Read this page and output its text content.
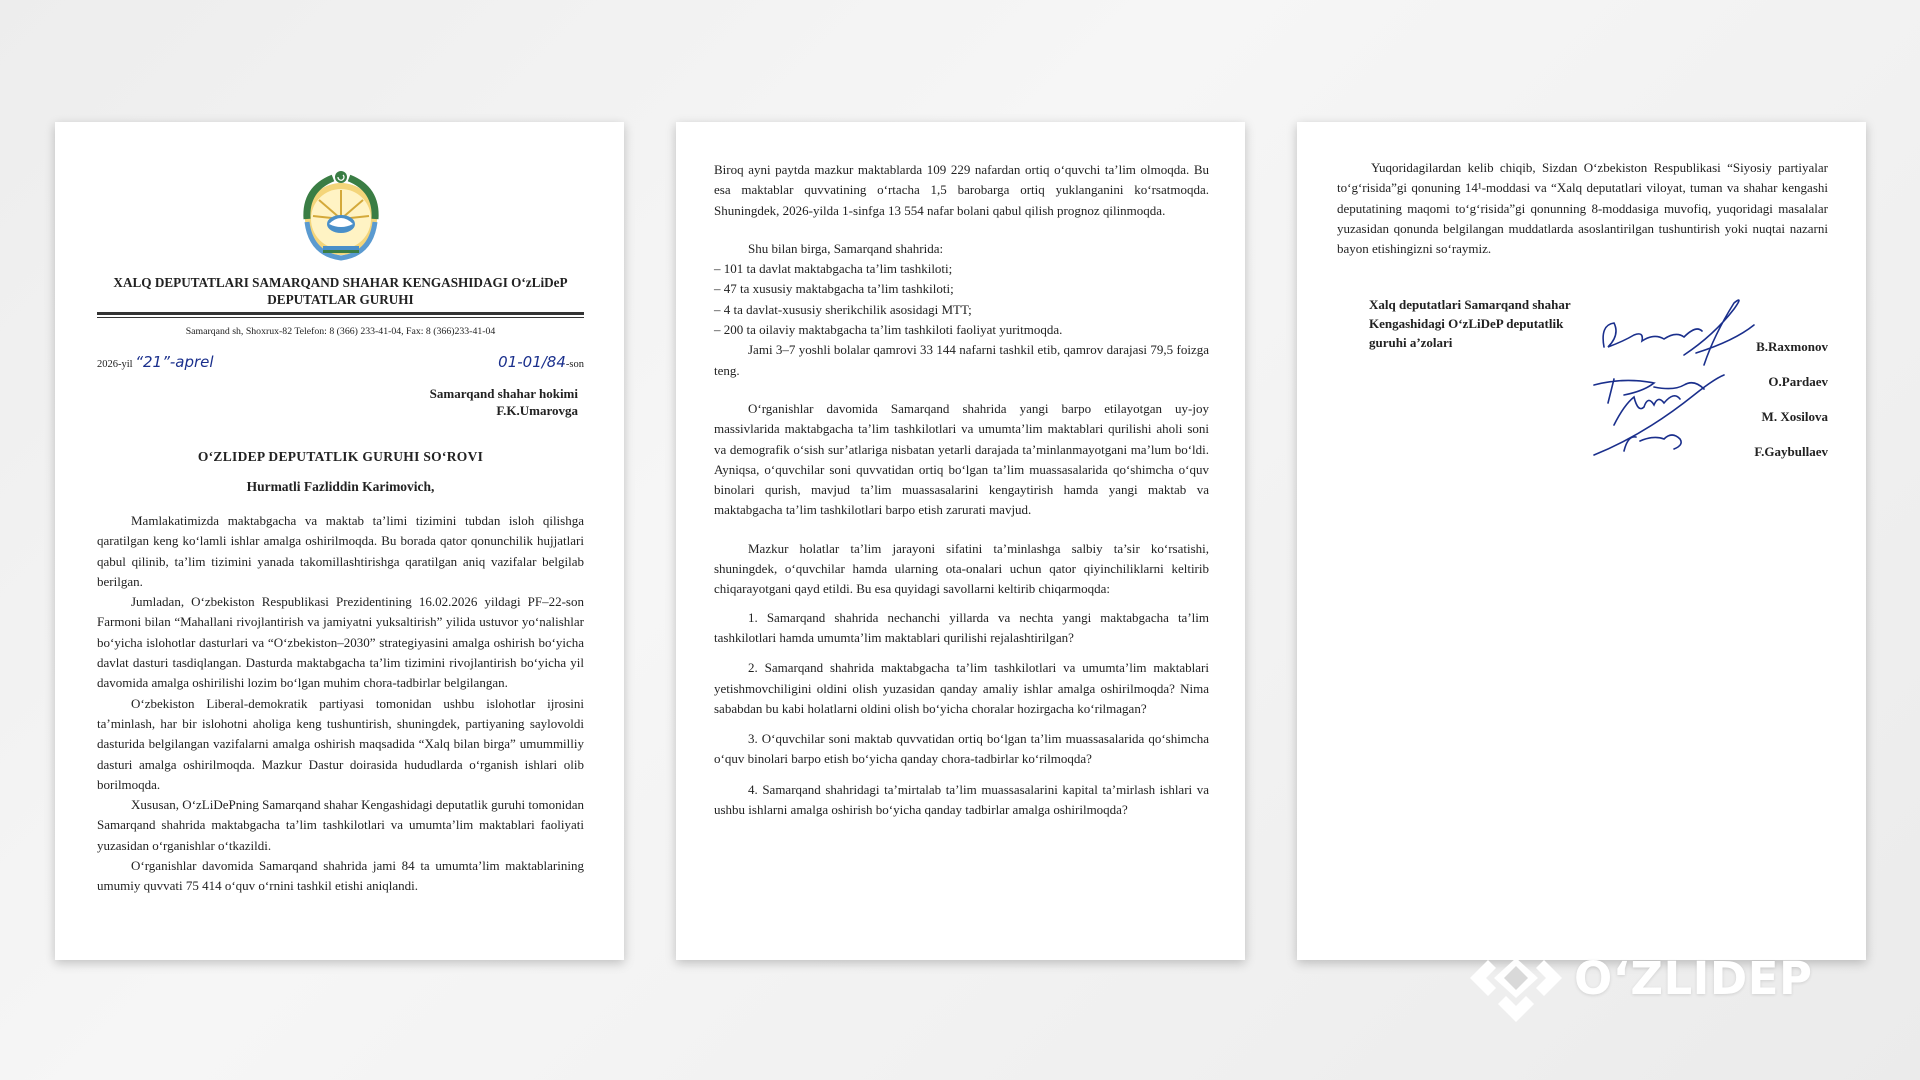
XALQ DEPUTATLARI SAMARQAND SHAHAR KENGASHIDAGI O‘zLiDeP DEPUTATLAR GURUHI
Samarqand sh, Shoxrux-82 Telefon: 8 (366) 233-41-04, Fax: 8 (366)233-41-04
2026-yil “21”-aprel	01-01/84-son
Samarqand shahar hokimi
F.K.Umarovga
O‘ZLIDEP DEPUTATLIK GURUHI SO‘ROVI
Hurmatli Fazliddin Karimovich,

Mamlakatimizda maktabgacha va maktab ta’limi tizimini tubdan isloh qilishga qaratilgan keng ko‘lamli ishlar amalga oshirilmoqda. Bu borada qator qonunchilik hujjatlari qabul qilinib, ta’lim tizimini yanada takomillashtirishga qaratilgan aniq vazifalar belgilab berilgan.

Jumladan, O‘zbekiston Respublikasi Prezidentining 16.02.2026 yildagi PF–22-son Farmoni bilan “Mahallani rivojlantirish va jamiyatni yuksaltirish” yilida ustuvor yo‘nalishlar bo‘yicha islohotlar dasturlari va “O‘zbekiston–2030” strategiyasini amalga oshirish bo‘yicha davlat dasturi tasdiqlangan. Dasturda maktabgacha ta’lim tizimini rivojlantirish bo‘yicha yil davomida amalga oshirilishi lozim bo‘lgan muhim chora-tadbirlar belgilangan.

O‘zbekiston Liberal-demokratik partiyasi tomonidan ushbu islohotlar ijrosini ta’minlash, har bir islohotni aholiga keng tushuntirish, shuningdek, partiyaning saylovoldi dasturida belgilangan vazifalarni amalga oshirish maqsadida “Xalq bilan birga” umummilliy dasturi amalga oshirilmoqda. Mazkur Dastur doirasida hududlarda o‘rganish ishlari olib borilmoqda.

Xususan, O‘zLiDePning Samarqand shahar Kengashidagi deputatlik guruhi tomonidan Samarqand shahrida maktabgacha ta’lim tashkilotlari va umumta’lim maktablari faoliyati yuzasidan o‘rganishlar o‘tkazildi.

O‘rganishlar davomida Samarqand shahrida jami 84 ta umumta’lim maktablarining umumiy quvvati 75 414 o‘quv o‘rnini tashkil etishi aniqlandi.

Biroq ayni paytda mazkur maktablarda 109 229 nafardan ortiq o‘quvchi ta’lim olmoqda. Bu esa maktablar quvvatining o‘rtacha 1,5 barobarga ortiq yuklanganini ko‘rsatmoqda. Shuningdek, 2026-yilda 1-sinfga 13 554 nafar bolani qabul qilish prognoz qilinmoqda.

Shu bilan birga, Samarqand shahrida:

– 101 ta davlat maktabgacha ta’lim tashkiloti;

– 47 ta xususiy maktabgacha ta’lim tashkiloti;

– 4 ta davlat-xususiy sherikchilik asosidagi MTT;

– 200 ta oilaviy maktabgacha ta’lim tashkiloti faoliyat yuritmoqda.

Jami 3–7 yoshli bolalar qamrovi 33 144 nafarni tashkil etib, qamrov darajasi 79,5 foizga teng.

O‘rganishlar davomida Samarqand shahrida yangi barpo etilayotgan uy-joy massivlarida maktabgacha ta’lim tashkilotlari va umumta’lim maktablari qurilishi aholi soni va demografik o‘sish sur’atlariga nisbatan yetarli darajada ta’minlanmayotgani ma’lum bo‘ldi. Ayniqsa, o‘quvchilar soni quvvatidan ortiq bo‘lgan ta’lim muassasalarida qo‘shimcha o‘quv binolari qurish, mavjud ta’lim muassasalarini kengaytirish hamda yangi maktab va maktabgacha ta’lim tashkilotlari barpo etish zarurati mavjud.

Mazkur holatlar ta’lim jarayoni sifatini ta’minlashga salbiy ta’sir ko‘rsatishi, shuningdek, o‘quvchilar hamda ularning ota-onalari uchun qator qiyinchiliklarni keltirib chiqarayotgani qayd etildi. Bu esa quyidagi savollarni keltirib chiqarmoqda:

1. Samarqand shahrida nechanchi yillarda va nechta yangi maktabgacha ta’lim tashkilotlari hamda umumta’lim maktablari qurilishi rejalashtirilgan?

2. Samarqand shahrida maktabgacha ta’lim tashkilotlari va umumta’lim maktablari yetishmovchiligini oldini olish yuzasidan qanday amaliy ishlar amalga oshirilmoqda? Nima sababdan bu kabi holatlarni oldini olish bo‘yicha choralar hozirgacha ko‘rilmagan?

3. O‘quvchilar soni maktab quvvatidan ortiq bo‘lgan ta’lim muassasalarida qo‘shimcha o‘quv binolari barpo etish bo‘yicha qanday chora-tadbirlar ko‘rilmoqda?

4. Samarqand shahridagi ta’mirtalab ta’lim muassasalarini kapital ta’mirlash ishlari va ushbu ishlarni amalga oshirish bo‘yicha qanday tadbirlar amalga oshirilmoqda?

Yuqoridagilardan kelib chiqib, Sizdan O‘zbekiston Respublikasi “Siyosiy partiyalar to‘g‘risida”gi qonuning 14¹-moddasi va “Xalq deputatlari viloyat, tuman va shahar kengashi deputatining maqomi to‘g‘risida”gi qonunning 8-moddasiga muvofiq, yuqoridagi masalalar yuzasidan qonunda belgilangan muddatlarda asoslantirilgan tushuntirish yoki nuqtai nazarni bayon etishingizni so‘raymiz.

Xalq deputatlari Samarqand shahar
Kengashidagi O‘zLiDeP deputatlik
guruhi a’zolari	B.Raxmonov
O.Pardaev
M. Xosilova
F.Gaybullaev
O‘ZLIDEP
